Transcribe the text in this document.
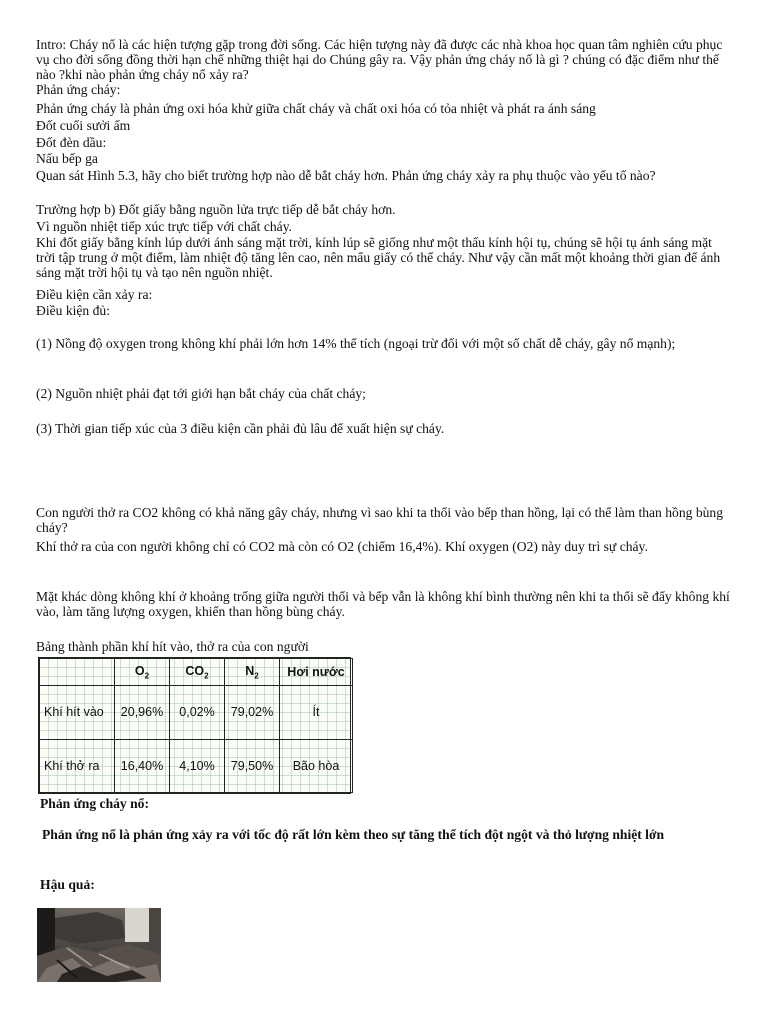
Intro: Cháy nổ là các hiện tượng gặp trong đời sống. Các hiện tượng này đã được các nhà khoa học quan tâm nghiên cứu phục vụ cho đời sống đồng thời hạn chế những thiệt hại do Chúng gây ra. Vậy phản ứng cháy nổ là gì ? chúng có đặc điểm như thế nào ?khi nào phản ứng cháy nổ xảy ra?
Phản ứng cháy:
Phản ứng cháy là phản ứng oxi hóa khử giữa chất cháy và chất oxi hóa có tỏa nhiệt và phát ra ánh sáng
Đốt cuối sưởi ấm
Đốt đèn dầu:
Nấu bếp ga
Quan sát Hình 5.3, hãy cho biết trường hợp nào dễ bắt cháy hơn. Phản ứng cháy xảy ra phụ thuộc vào yếu tố nào?
Trường hợp b) Đốt giấy bằng nguồn lửa trực tiếp dễ bắt cháy hơn.
Vì nguồn nhiệt tiếp xúc trực tiếp với chất cháy.
Khi đốt giấy bằng kính lúp dưới ánh sáng mặt trời, kính lúp sẽ giống như một thấu kính hội tụ, chúng sẽ hội tụ ánh sáng mặt trời tập trung ở một điểm, làm nhiệt độ tăng lên cao, nên mẩu giấy có thể cháy. Như vậy cần mất một khoảng thời gian để ánh sáng mặt trời hội tụ và tạo nên nguồn nhiệt.
Điều kiện cần xảy ra:
Điều kiện đủ:
(1) Nồng độ oxygen trong không khí phải lớn hơn 14% thể tích (ngoại trừ đối với một số chất dễ cháy, gây nổ mạnh);
(2) Nguồn nhiệt phải đạt tới giới hạn bắt cháy của chất cháy;
(3) Thời gian tiếp xúc của 3 điều kiện cần phải đủ lâu để xuất hiện sự cháy.
Con người thở ra CO2 không có khả năng gây cháy, nhưng vì sao khi ta thổi vào bếp than hồng, lại có thể làm than hồng bùng cháy?
Khí thở ra của con người không chỉ có CO2 mà còn có O2 (chiếm 16,4%). Khí oxygen (O2) này duy trì sự cháy.
Mặt khác dòng không khí ở khoảng trống giữa người thổi và bếp vẫn là không khí bình thường nên khi ta thổi sẽ đẩy không khí vào, làm tăng lượng oxygen, khiến than hồng bùng cháy.
Bảng thành phần khí hít vào, thở ra của con người
	$O_2$	$CO_2$	$N_2$	Hơi nước
Khí hít vào	20,96%	0,02%	79,02%	Ít
Khí thở ra	16,40%	4,10%	79,50%	Bão hòa
Phản ứng cháy nổ:
Phản ứng nổ là phản ứng xảy ra với tốc độ rất lớn kèm theo sự tăng thể tích đột ngột và thỏ lượng nhiệt lớn
Hậu quả:
